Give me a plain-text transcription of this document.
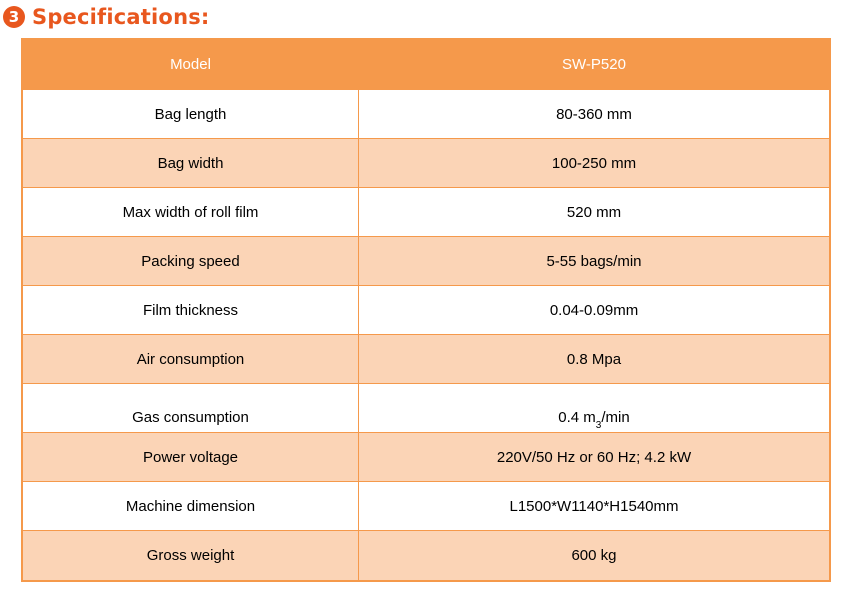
3 Specifications:
Model	SW-P520
Bag length	80-360 mm
Bag width	100-250 mm
Max width of roll film	520 mm
Packing speed	5-55 bags/min
Film thickness	0.04-0.09mm
Air consumption	0.8 Mpa
Gas consumption	0.4 m 3 /min
Power voltage	220V/50 Hz or 60 Hz; 4.2 kW
Machine dimension	L1500*W1140*H1540mm
Gross weight	600 kg
